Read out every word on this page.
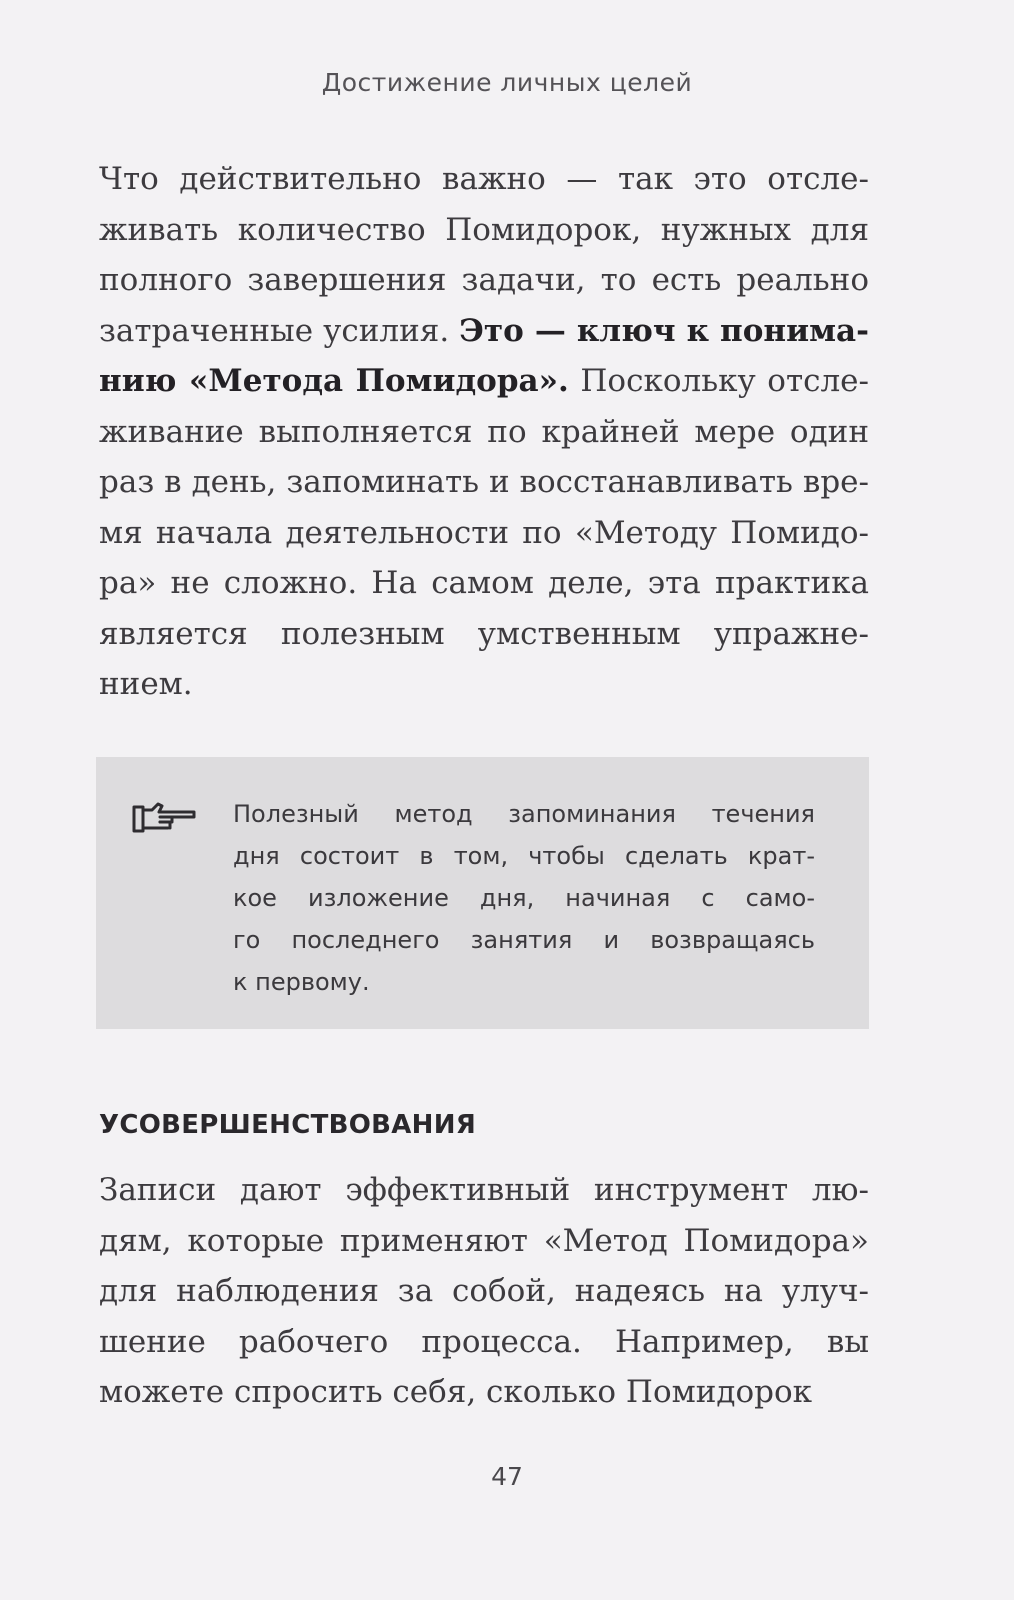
Достижение личных целей
Что действительно важно — так это отсле-
живать количество Помидорок, нужных для
полного завершения задачи, то есть реально
затраченные усилия. Это — ключ к понима-
нию «Метода Помидора». Поскольку отсле-
живание выполняется по крайней мере один
раз в день, запоминать и восстанавливать вре-
мя начала деятельности по «Методу Помидо-
ра» не сложно. На самом деле, эта практика
является полезным умственным упражне-
нием.
Полезный метод запоминания течения
дня состоит в том, чтобы сделать крат-
кое изложение дня, начиная с само-
го последнего занятия и возвращаясь
к первому.
УСОВЕРШЕНСТВОВАНИЯ
Записи дают эффективный инструмент лю-
дям, которые применяют «Метод Помидора»
для наблюдения за собой, надеясь на улуч-
шение рабочего процесса. Например, вы
можете спросить себя, сколько Помидорок
47
